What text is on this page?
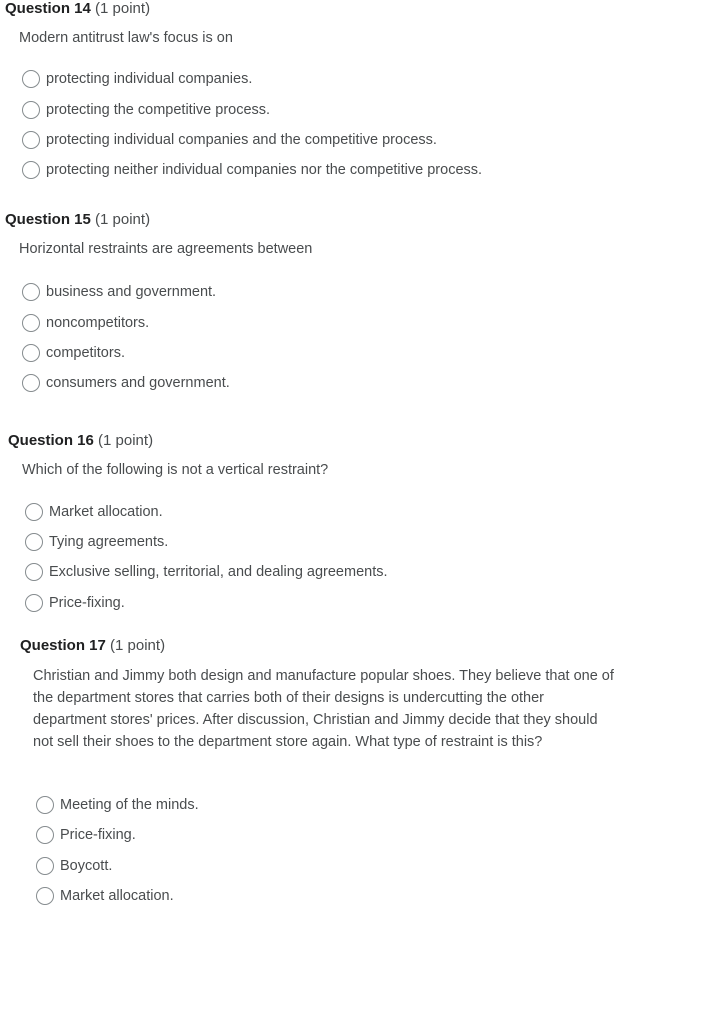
Question 14 (1 point)
Modern antitrust law's focus is on
protecting individual companies.
protecting the competitive process.
protecting individual companies and the competitive process.
protecting neither individual companies nor the competitive process.
Question 15 (1 point)
Horizontal restraints are agreements between
business and government.
noncompetitors.
competitors.
consumers and government.
Question 16 (1 point)
Which of the following is not a vertical restraint?
Market allocation.
Tying agreements.
Exclusive selling, territorial, and dealing agreements.
Price-fixing.
Question 17 (1 point)
Christian and Jimmy both design and manufacture popular shoes. They believe that one of the department stores that carries both of their designs is undercutting the other department stores' prices. After discussion, Christian and Jimmy decide that they should not sell their shoes to the department store again. What type of restraint is this?
Meeting of the minds.
Price-fixing.
Boycott.
Market allocation.
